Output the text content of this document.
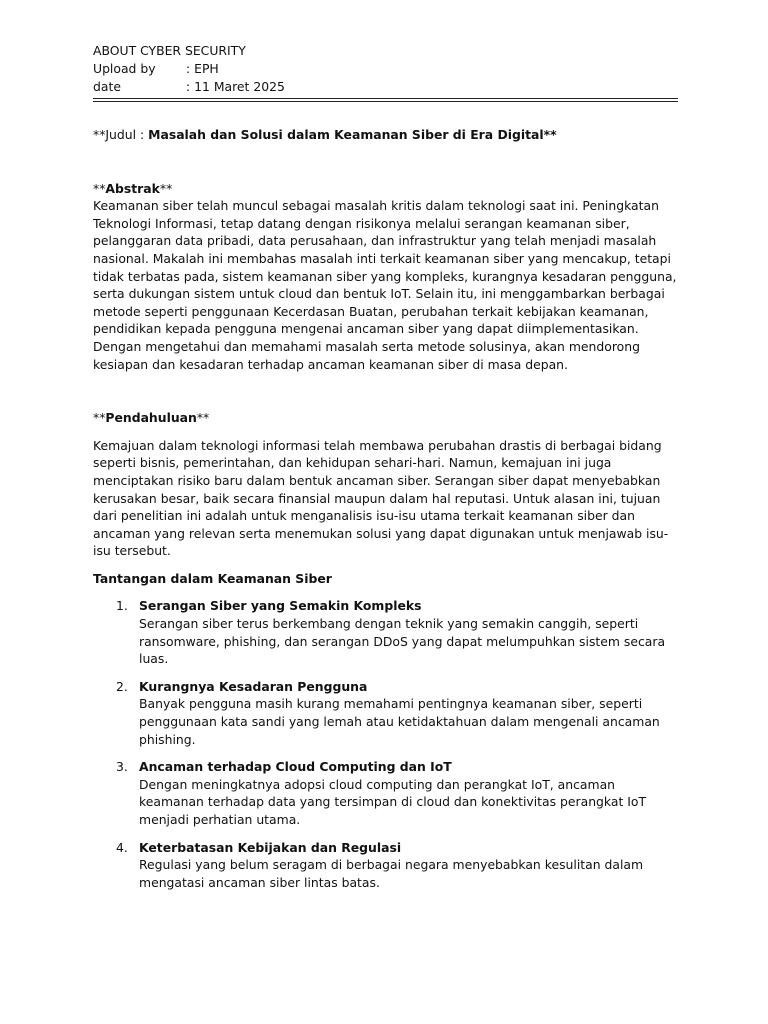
ABOUT CYBER SECURITY
Upload by	: EPH
date	: 11 Maret 2025
**Judul : Masalah dan Solusi dalam Keamanan Siber di Era Digital**
**Abstrak**

Keamanan siber telah muncul sebagai masalah kritis dalam teknologi saat ini. Peningkatan Teknologi Informasi, tetap datang dengan risikonya melalui serangan keamanan siber, pelanggaran data pribadi, data perusahaan, dan infrastruktur yang telah menjadi masalah nasional. Makalah ini membahas masalah inti terkait keamanan siber yang mencakup, tetapi tidak terbatas pada, sistem keamanan siber yang kompleks, kurangnya kesadaran pengguna, serta dukungan sistem untuk cloud dan bentuk IoT. Selain itu, ini menggambarkan berbagai metode seperti penggunaan Kecerdasan Buatan, perubahan terkait kebijakan keamanan, pendidikan kepada pengguna mengenai ancaman siber yang dapat diimplementasikan. Dengan mengetahui dan memahami masalah serta metode solusinya, akan mendorong kesiapan dan kesadaran terhadap ancaman keamanan siber di masa depan.

**Pendahuluan**

Kemajuan dalam teknologi informasi telah membawa perubahan drastis di berbagai bidang seperti bisnis, pemerintahan, dan kehidupan sehari-hari. Namun, kemajuan ini juga menciptakan risiko baru dalam bentuk ancaman siber. Serangan siber dapat menyebabkan kerusakan besar, baik secara finansial maupun dalam hal reputasi. Untuk alasan ini, tujuan dari penelitian ini adalah untuk menganalisis isu-isu utama terkait keamanan siber dan ancaman yang relevan serta menemukan solusi yang dapat digunakan untuk menjawab isu-isu tersebut.

Tantangan dalam Keamanan Siber
1. Serangan Siber yang Semakin Kompleks
Serangan siber terus berkembang dengan teknik yang semakin canggih, seperti ransomware, phishing, dan serangan DDoS yang dapat melumpuhkan sistem secara luas.
2. Kurangnya Kesadaran Pengguna
Banyak pengguna masih kurang memahami pentingnya keamanan siber, seperti penggunaan kata sandi yang lemah atau ketidaktahuan dalam mengenali ancaman phishing.
3. Ancaman terhadap Cloud Computing dan IoT
Dengan meningkatnya adopsi cloud computing dan perangkat IoT, ancaman keamanan terhadap data yang tersimpan di cloud dan konektivitas perangkat IoT menjadi perhatian utama.
4. Keterbatasan Kebijakan dan Regulasi
Regulasi yang belum seragam di berbagai negara menyebabkan kesulitan dalam mengatasi ancaman siber lintas batas.
